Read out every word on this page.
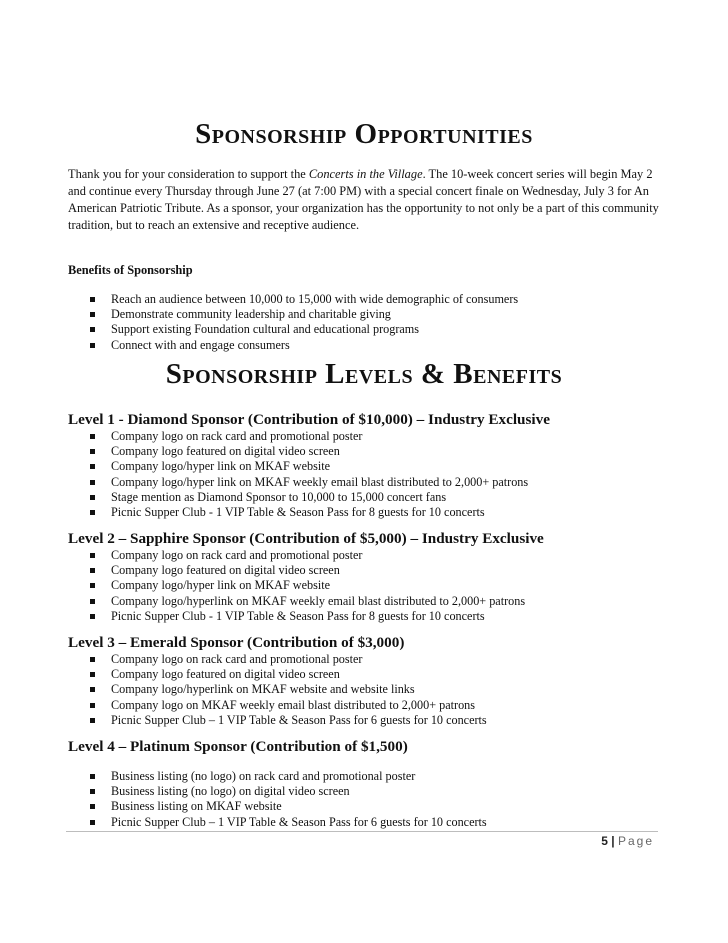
Sponsorship Opportunities

Thank you for your consideration to support the Concerts in the Village. The 10-week concert series will begin May 2 and continue every Thursday through June 27 (at 7:00 PM) with a special concert finale on Wednesday, July 3 for An American Patriotic Tribute. As a sponsor, your organization has the opportunity to not only be a part of this community tradition, but to reach an extensive and receptive audience.

Benefits of Sponsorship

Reach an audience between 10,000 to 15,000 with wide demographic of consumers
Demonstrate community leadership and charitable giving
Support existing Foundation cultural and educational programs
Connect with and engage consumers
Sponsorship Levels & Benefits

Level 1 - Diamond Sponsor (Contribution of $10,000) – Industry Exclusive

Company logo on rack card and promotional poster
Company logo featured on digital video screen
Company logo/hyper link on MKAF website
Company logo/hyper link on MKAF weekly email blast distributed to 2,000+ patrons
Stage mention as Diamond Sponsor to 10,000 to 15,000 concert fans
Picnic Supper Club - 1 VIP Table & Season Pass for 8 guests for 10 concerts

Level 2 – Sapphire Sponsor (Contribution of $5,000) – Industry Exclusive

Company logo on rack card and promotional poster
Company logo featured on digital video screen
Company logo/hyper link on MKAF website
Company logo/hyperlink on MKAF weekly email blast distributed to 2,000+ patrons
Picnic Supper Club - 1 VIP Table & Season Pass for 8 guests for 10 concerts

Level 3 – Emerald Sponsor (Contribution of $3,000)

Company logo on rack card and promotional poster
Company logo featured on digital video screen
Company logo/hyperlink on MKAF website and website links
Company logo on MKAF weekly email blast distributed to 2,000+ patrons
Picnic Supper Club – 1 VIP Table & Season Pass for 6 guests for 10 concerts

Level 4 – Platinum Sponsor (Contribution of $1,500)

Business listing (no logo) on rack card and promotional poster
Business listing (no logo) on digital video screen
Business listing on MKAF website
Picnic Supper Club – 1 VIP Table & Season Pass for 6 guests for 10 concerts
5 | Page
